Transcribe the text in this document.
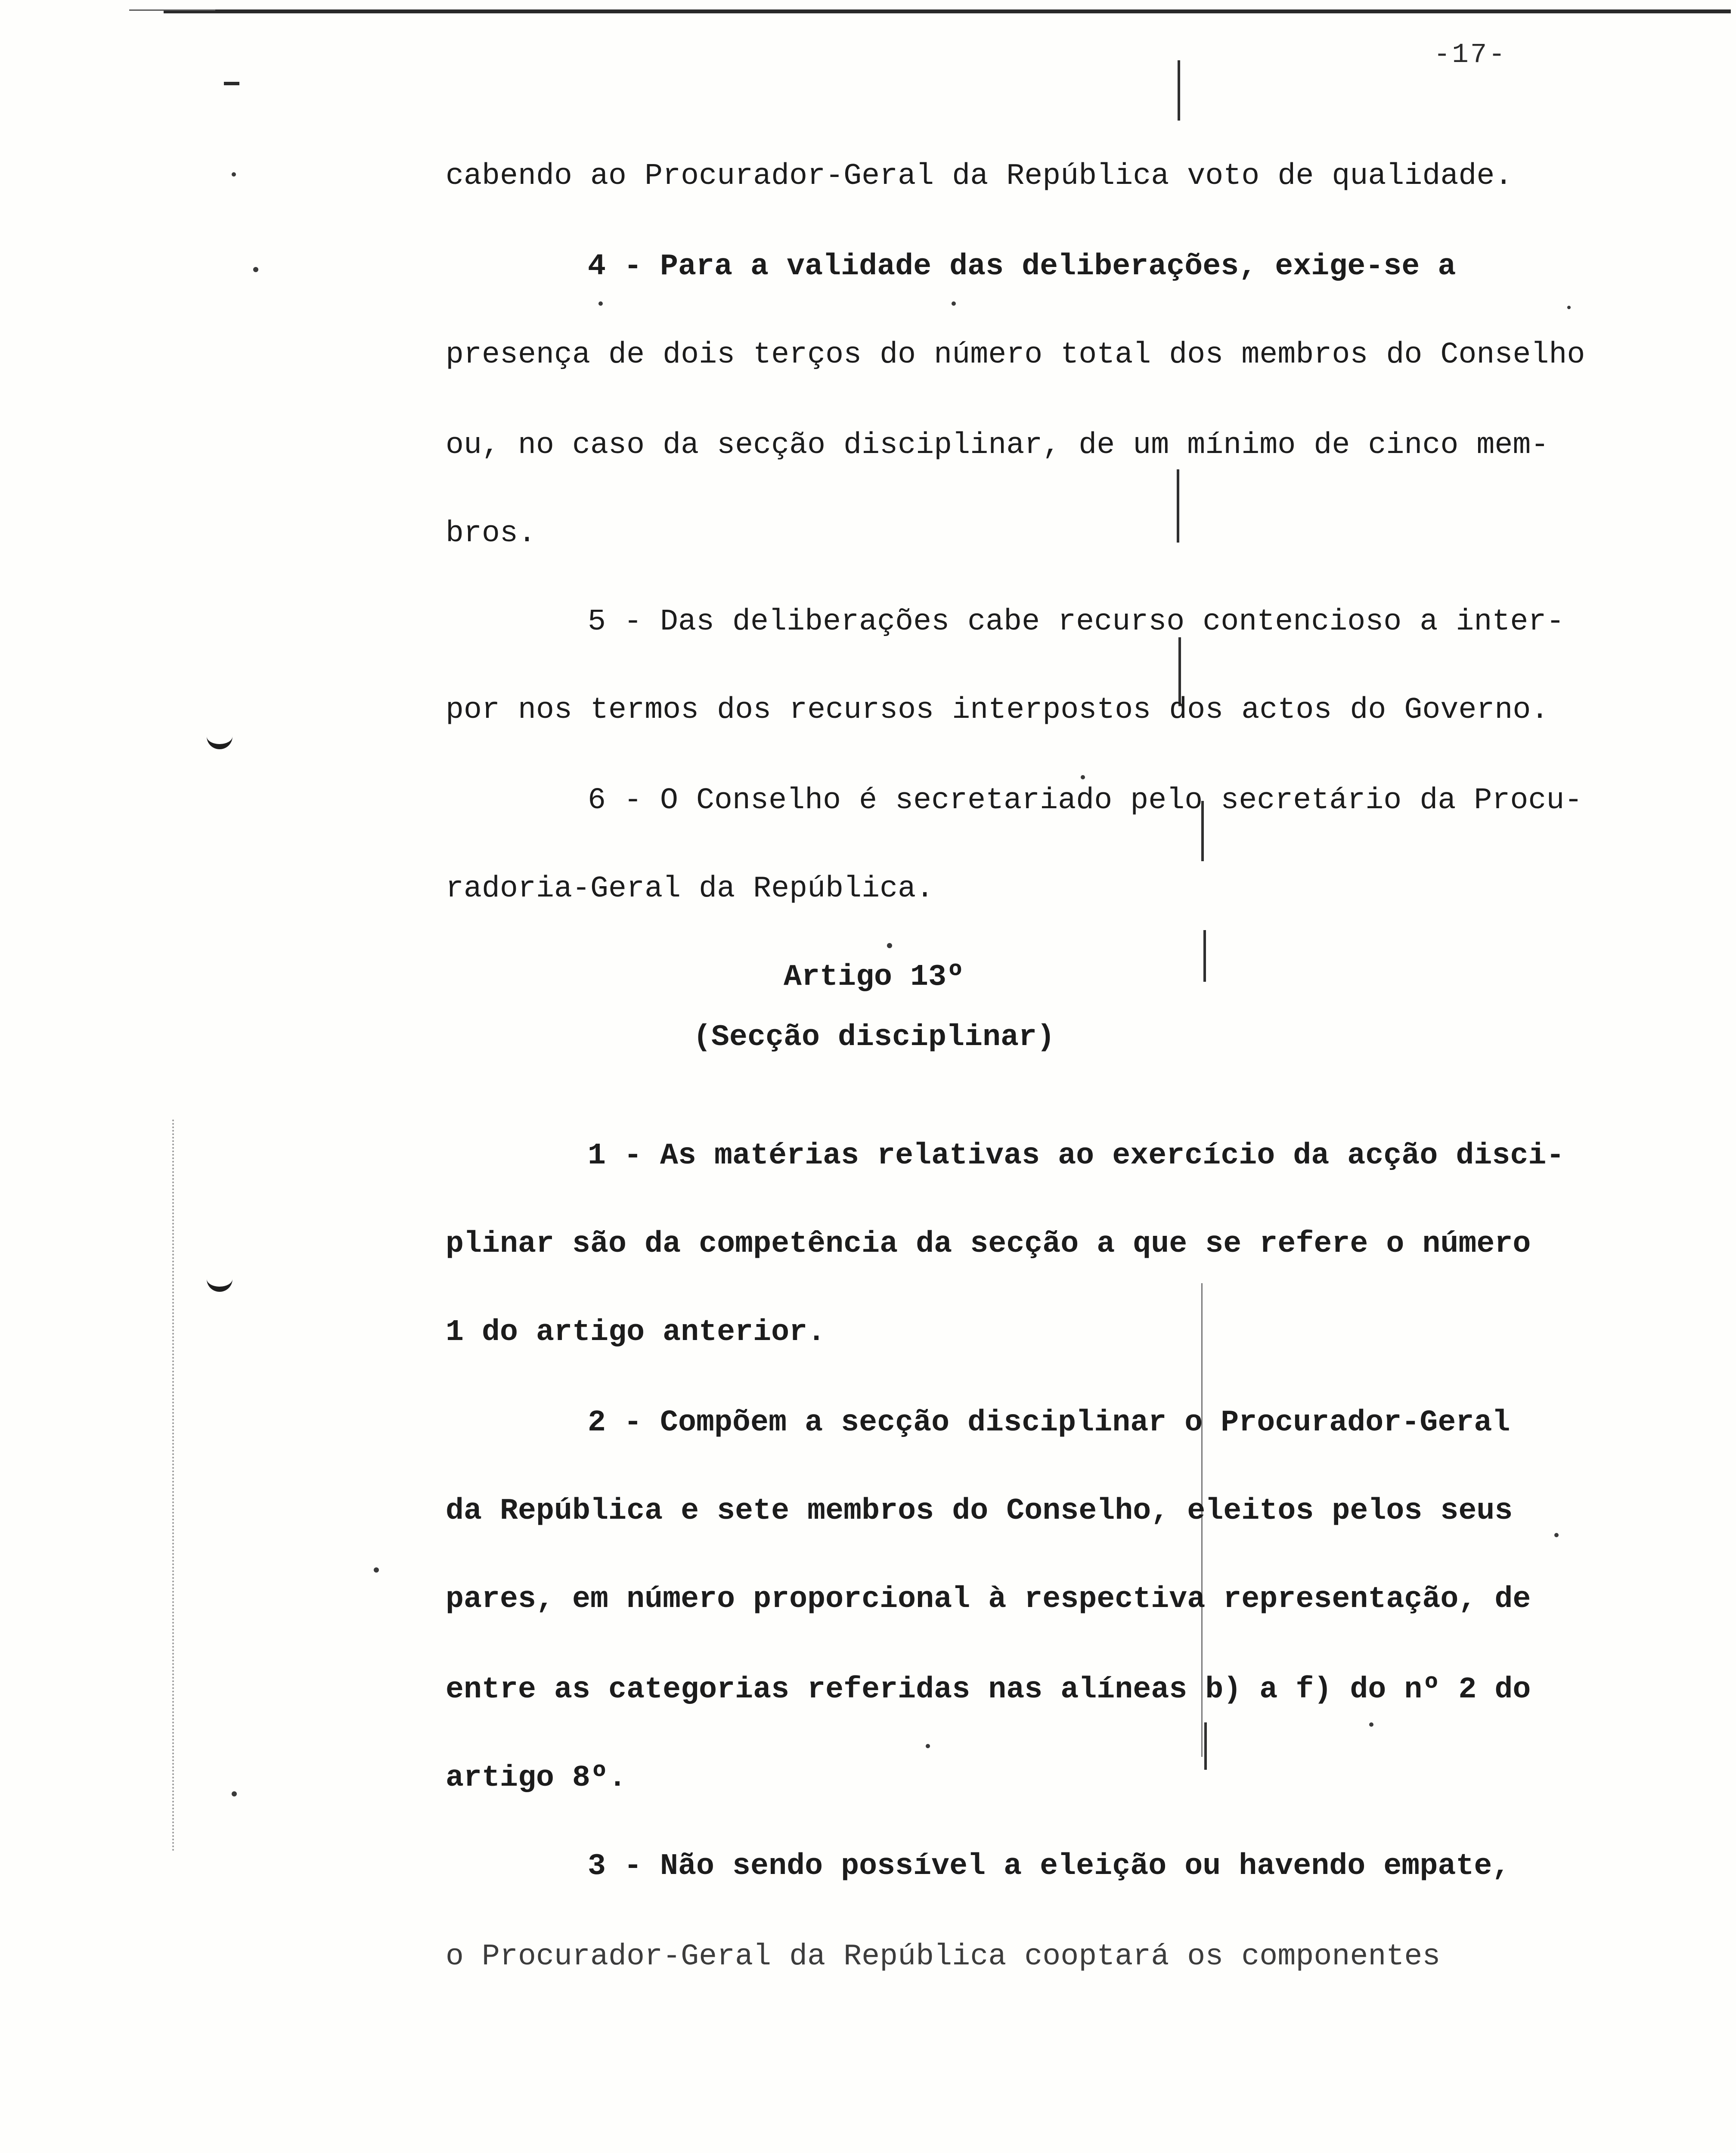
-17-
cabendo ao Procurador-Geral da República voto de qualidade.
4 - Para a validade das deliberações, exige-se a
presença de dois terços do número total dos membros do Conselho
ou, no caso da secção disciplinar, de um mínimo de cinco mem-
bros.
5 - Das deliberações cabe recurso contencioso a inter-
por nos termos dos recursos interpostos dos actos do Governo.
6 - O Conselho é secretariado pelo secretário da Procu-
radoria-Geral da República.
Artigo 13º
(Secção disciplinar)
1 - As matérias relativas ao exercício da acção disci-
plinar são da competência da secção a que se refere o número
1 do artigo anterior.
2 - Compõem a secção disciplinar o Procurador-Geral
da República e sete membros do Conselho, eleitos pelos seus
pares, em número proporcional à respectiva representação, de
entre as categorias referidas nas alíneas b) a f) do nº 2 do
artigo 8º.
3 - Não sendo possível a eleição ou havendo empate,
o Procurador-Geral da República cooptará os componentes
